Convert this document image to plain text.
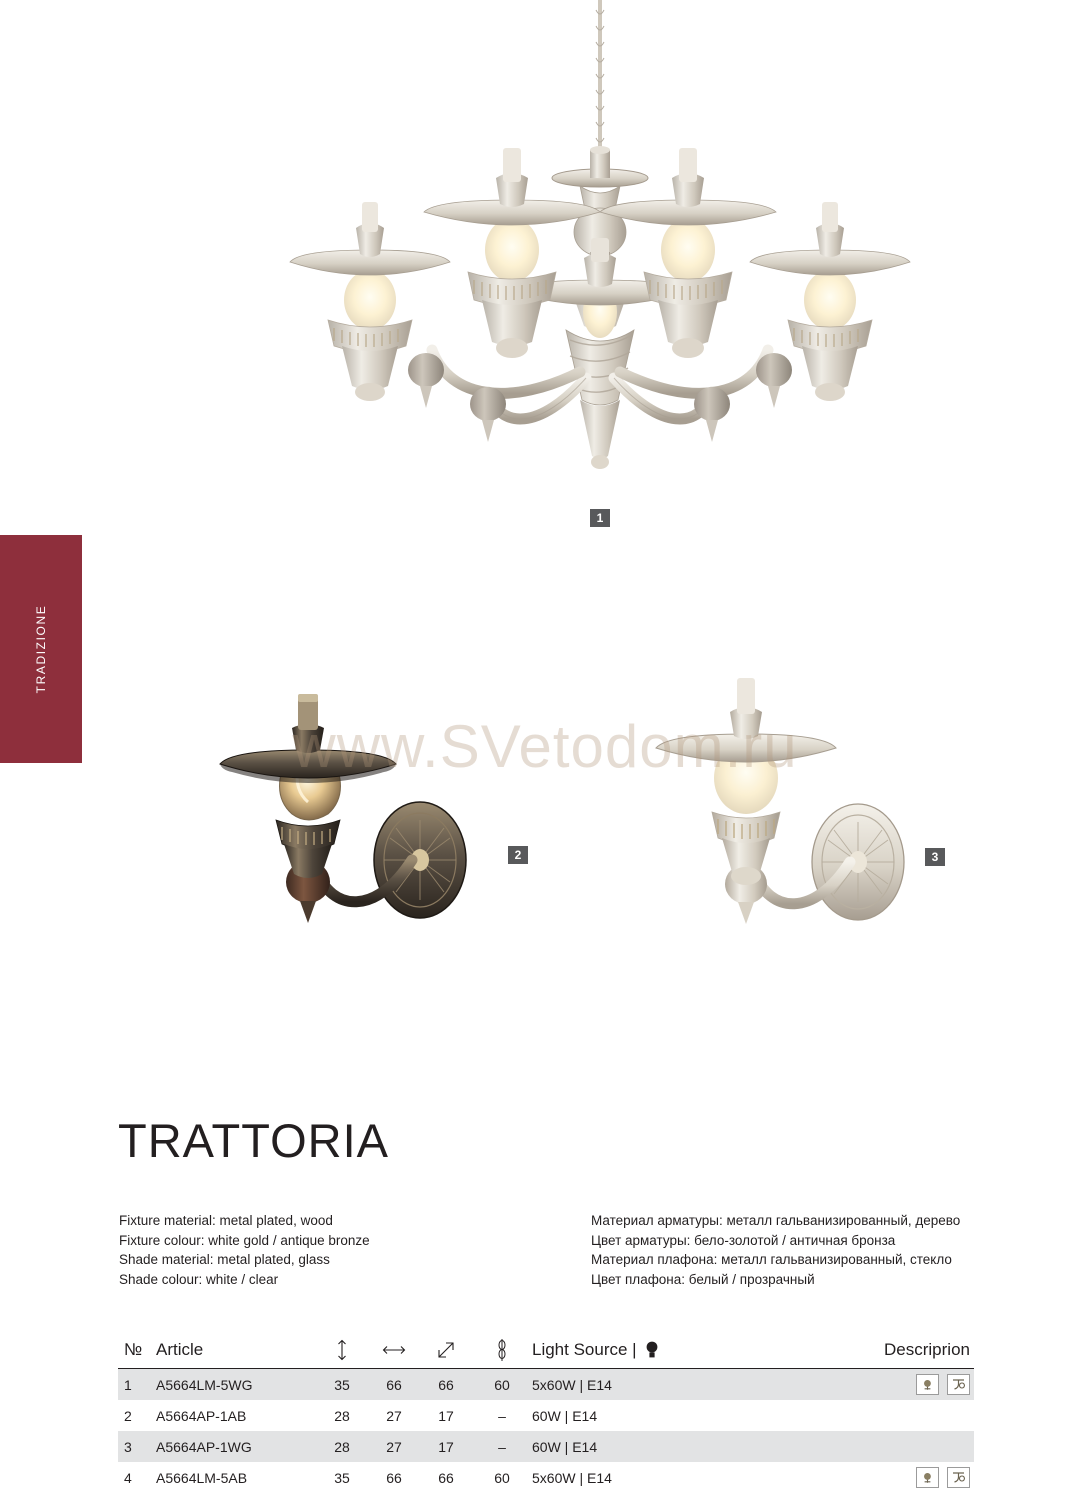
TRADIZIONE
1
2	3
www.SVetodom.ru
TRATTORIA
Fixture material: metal plated, wood
Fixture colour: white gold / antique bronze
Shade material: metal plated, glass
Shade colour: white / clear
Материал арматуры: металл гальванизированный, дерево
Цвет арматуры: бело-золотой / античная бронза
Материал плафона: металл гальванизированный, стекло
Цвет плафона: белый / прозрачный
№ Article	Light Source |	Descriprion
1	A5664LM-5WG	35	66	66	60	5x60W | E14
2	A5664AP-1AB	28	27	17	–	60W | E14
3	A5664AP-1WG	28	27	17	–	60W | E14
4	A5664LM-5AB	35	66	66	60	5x60W | E14
